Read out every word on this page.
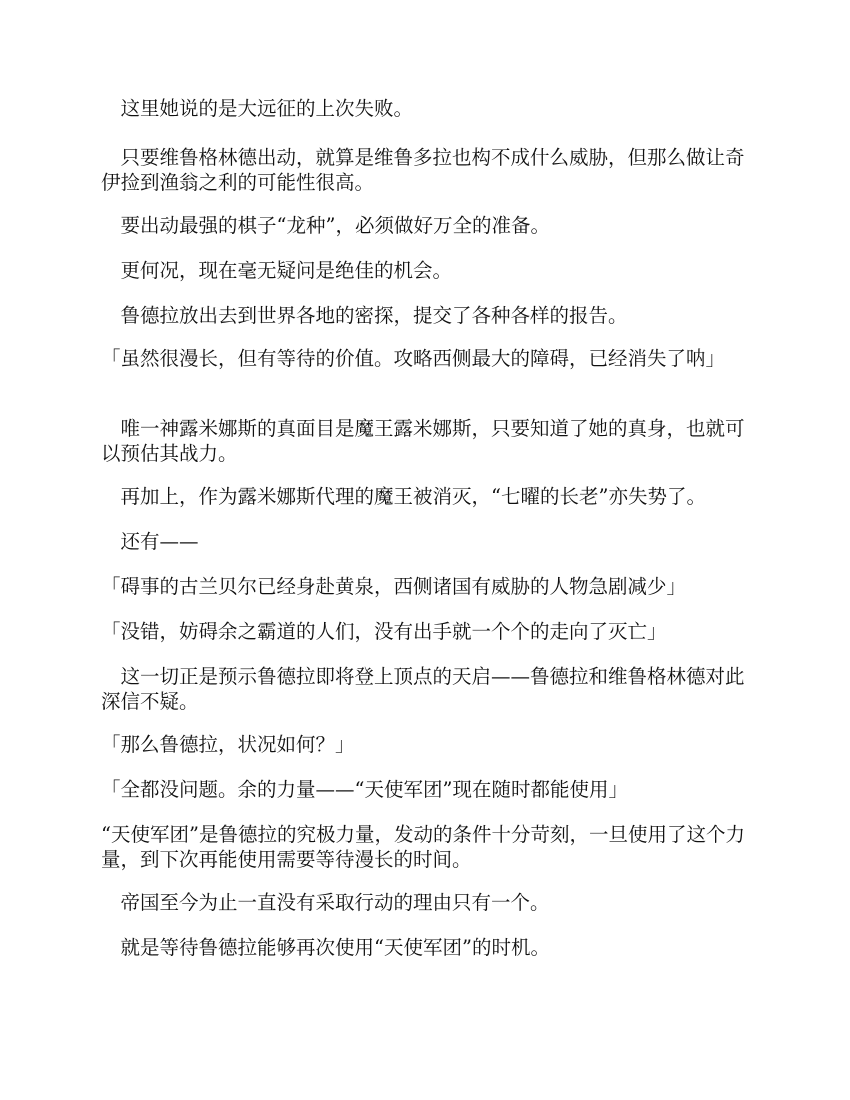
　这里她说的是大远征的上次失败。

　只要维鲁格林德出动，就算是维鲁多拉也构不成什么威胁，但那么做让奇伊捡到渔翁之利的可能性很高。

　要出动最强的棋子“龙种”，必须做好万全的准备。

　更何况，现在毫无疑问是绝佳的机会。

　鲁德拉放出去到世界各地的密探，提交了各种各样的报告。

「虽然很漫长，但有等待的价值。攻略西侧最大的障碍，已经消失了呐」

　唯一神露米娜斯的真面目是魔王露米娜斯，只要知道了她的真身，也就可以预估其战力。

　再加上，作为露米娜斯代理的魔王被消灭，“七曜的长老”亦失势了。

　还有——

「碍事的古兰贝尔已经身赴黄泉，西侧诸国有威胁的人物急剧减少」

「没错，妨碍余之霸道的人们，没有出手就一个个的走向了灭亡」

　这一切正是预示鲁德拉即将登上顶点的天启——鲁德拉和维鲁格林德对此深信不疑。

「那么鲁德拉，状况如何？」

「全都没问题。余的力量——“天使军团”现在随时都能使用」

“天使军团”是鲁德拉的究极力量，发动的条件十分苛刻，一旦使用了这个力量，到下次再能使用需要等待漫长的时间。

　帝国至今为止一直没有采取行动的理由只有一个。

　就是等待鲁德拉能够再次使用“天使军团”的时机。
